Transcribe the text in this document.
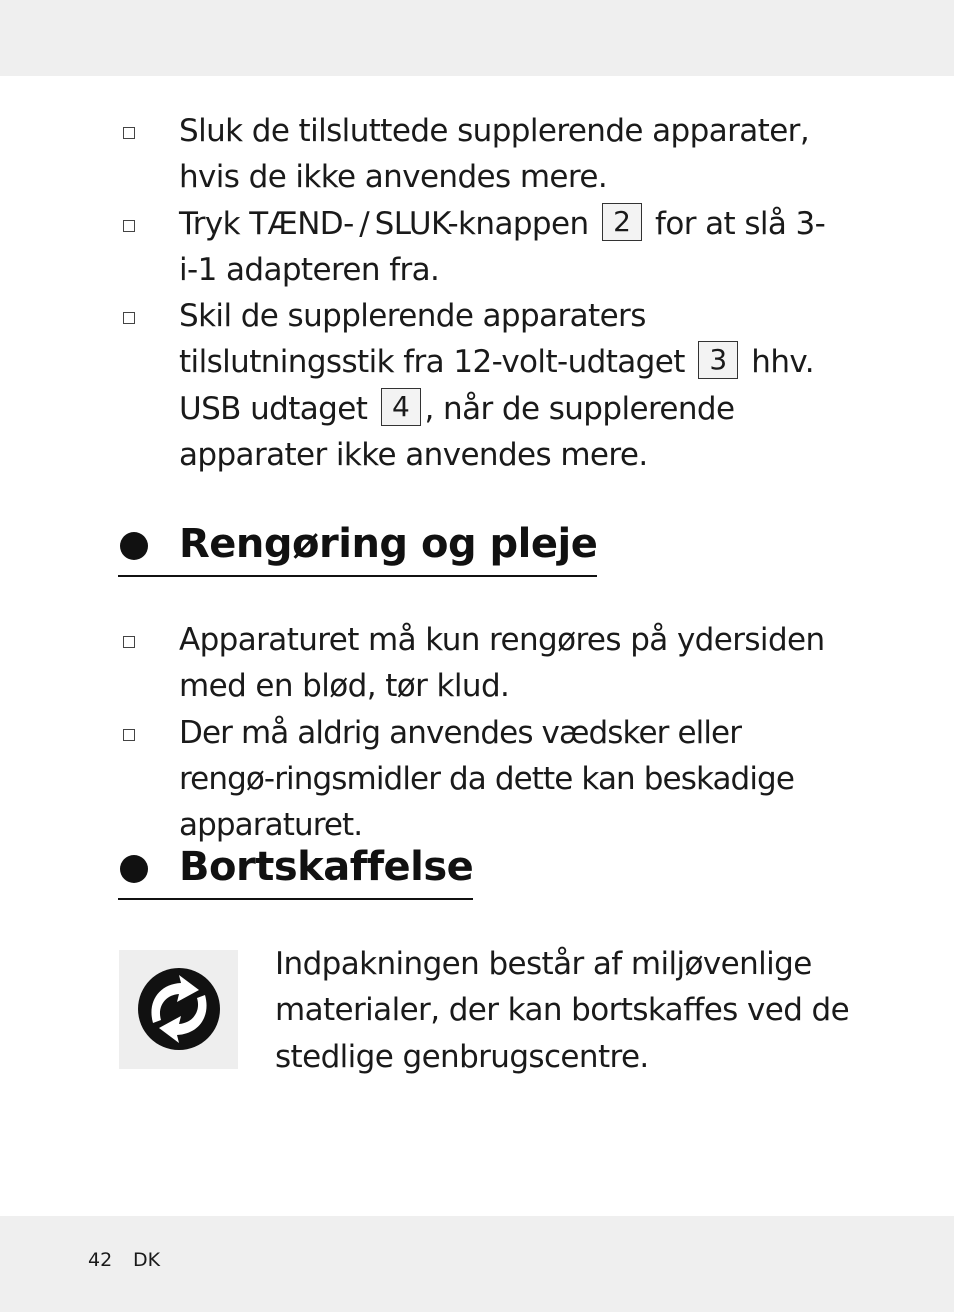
Sluk de tilsluttede supplerende apparater, hvis de ikke anvendes mere.
Tryk TÆND- / SLUK-knappen 2 for at slå 3-i-1 adapteren fra.
Skil de supplerende apparaters tilslutningsstik fra 12-volt-udtaget 3 hhv. USB udtaget 4 , når de supplerende apparater ikke anvendes mere.
Rengøring og pleje
Apparaturet må kun rengøres på ydersiden med en blød, tør klud.
Der må aldrig anvendes vædsker eller rengø-ringsmidler da dette kan beskadige apparaturet.
Bortskaffelse

Indpakningen består af miljøvenlige materialer, der kan bortskaffes ved de stedlige genbrugscentre.

42 DK
